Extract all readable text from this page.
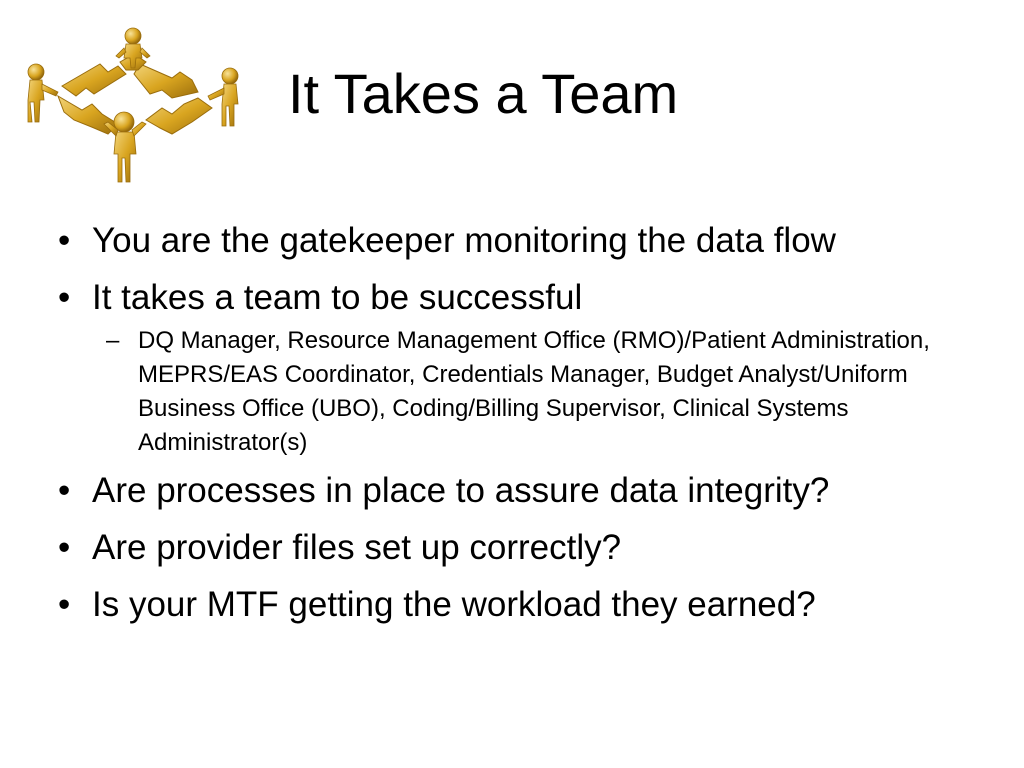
It Takes a Team
• You are the gatekeeper monitoring the data flow
• It takes a team to be successful
– DQ Manager, Resource Management Office (RMO)/Patient Administration, MEPRS/EAS Coordinator, Credentials Manager, Budget Analyst/Uniform Business Office (UBO), Coding/Billing Supervisor, Clinical Systems Administrator(s)
• Are processes in place to assure data integrity?
• Are provider files set up correctly?
• Is your MTF getting the workload they earned?
